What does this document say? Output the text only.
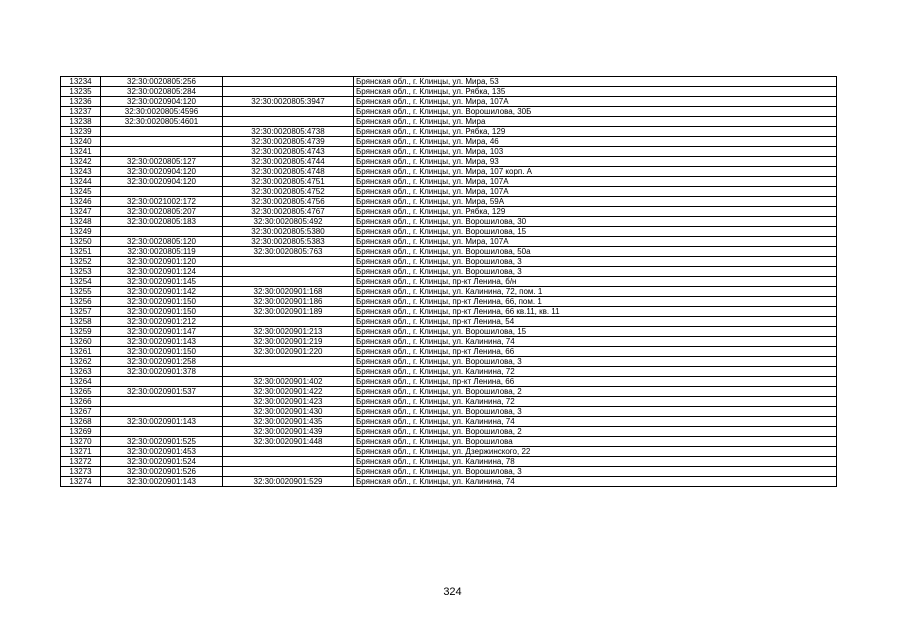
13234	32:30:0020805:256		Брянская обл., г. Клинцы, ул. Мира, 53
13235	32:30:0020805:284		Брянская обл., г. Клинцы, ул. Рябка, 135
13236	32:30:0020904:120	32:30:0020805:3947	Брянская обл., г. Клинцы, ул. Мира, 107А
13237	32:30:0020805:4596		Брянская обл., г. Клинцы, ул. Ворошилова, 30Б
13238	32:30:0020805:4601		Брянская обл., г. Клинцы, ул. Мира
13239		32:30:0020805:4738	Брянская обл., г. Клинцы, ул. Рябка, 129
13240		32:30:0020805:4739	Брянская обл., г. Клинцы, ул. Мира, 46
13241		32:30:0020805:4743	Брянская обл., г. Клинцы, ул. Мира, 103
13242	32:30:0020805:127	32:30:0020805:4744	Брянская обл., г. Клинцы, ул. Мира, 93
13243	32:30:0020904:120	32:30:0020805:4748	Брянская обл., г. Клинцы, ул. Мира, 107 корп. А
13244	32:30:0020904:120	32:30:0020805:4751	Брянская обл., г. Клинцы, ул. Мира, 107А
13245		32:30:0020805:4752	Брянская обл., г. Клинцы, ул. Мира, 107А
13246	32:30:0021002:172	32:30:0020805:4756	Брянская обл., г. Клинцы, ул. Мира, 59А
13247	32:30:0020805:207	32:30:0020805:4767	Брянская обл., г. Клинцы, ул. Рябка, 129
13248	32:30:0020805:183	32:30:0020805:492	Брянская обл., г. Клинцы, ул. Ворошилова, 30
13249		32:30:0020805:5380	Брянская обл., г. Клинцы, ул. Ворошилова, 15
13250	32:30:0020805:120	32:30:0020805:5383	Брянская обл., г. Клинцы, ул. Мира, 107А
13251	32:30:0020805:119	32:30:0020805:763	Брянская обл., г. Клинцы, ул. Ворошилова, 50а
13252	32:30:0020901:120		Брянская обл., г. Клинцы, ул. Ворошилова, 3
13253	32:30:0020901:124		Брянская обл., г. Клинцы, ул. Ворошилова, 3
13254	32:30:0020901:145		Брянская обл., г. Клинцы, пр-кт Ленина, б/н
13255	32:30:0020901:142	32:30:0020901:168	Брянская обл., г. Клинцы, ул. Калинина, 72, пом. 1
13256	32:30:0020901:150	32:30:0020901:186	Брянская обл., г. Клинцы, пр-кт Ленина, 66, пом. 1
13257	32:30:0020901:150	32:30:0020901:189	Брянская обл., г. Клинцы, пр-кт Ленина, 66 кв.11, кв. 11
13258	32:30:0020901:212		Брянская обл., г. Клинцы, пр-кт Ленина, 54
13259	32:30:0020901:147	32:30:0020901:213	Брянская обл., г. Клинцы, ул. Ворошилова, 15
13260	32:30:0020901:143	32:30:0020901:219	Брянская обл., г. Клинцы, ул. Калинина, 74
13261	32:30:0020901:150	32:30:0020901:220	Брянская обл., г. Клинцы, пр-кт Ленина, 66
13262	32:30:0020901:258		Брянская обл., г. Клинцы, ул. Ворошилова, 3
13263	32:30:0020901:378		Брянская обл., г. Клинцы, ул. Калинина, 72
13264		32:30:0020901:402	Брянская обл., г. Клинцы, пр-кт Ленина, 66
13265	32:30:0020901:537	32:30:0020901:422	Брянская обл., г. Клинцы, ул. Ворошилова, 2
13266		32:30:0020901:423	Брянская обл., г. Клинцы, ул. Калинина, 72
13267		32:30:0020901:430	Брянская обл., г. Клинцы, ул. Ворошилова, 3
13268	32:30:0020901:143	32:30:0020901:435	Брянская обл., г. Клинцы, ул. Калинина, 74
13269		32:30:0020901:439	Брянская обл., г. Клинцы, ул. Ворошилова, 2
13270	32:30:0020901:525	32:30:0020901:448	Брянская обл., г. Клинцы, ул. Ворошилова
13271	32:30:0020901:453		Брянская обл., г. Клинцы, ул. Дзержинского, 22
13272	32:30:0020901:524		Брянская обл., г. Клинцы, ул. Калинина, 78
13273	32:30:0020901:526		Брянская обл., г. Клинцы, ул. Ворошилова, 3
13274	32:30:0020901:143	32:30:0020901:529	Брянская обл., г. Клинцы, ул. Калинина, 74
324
